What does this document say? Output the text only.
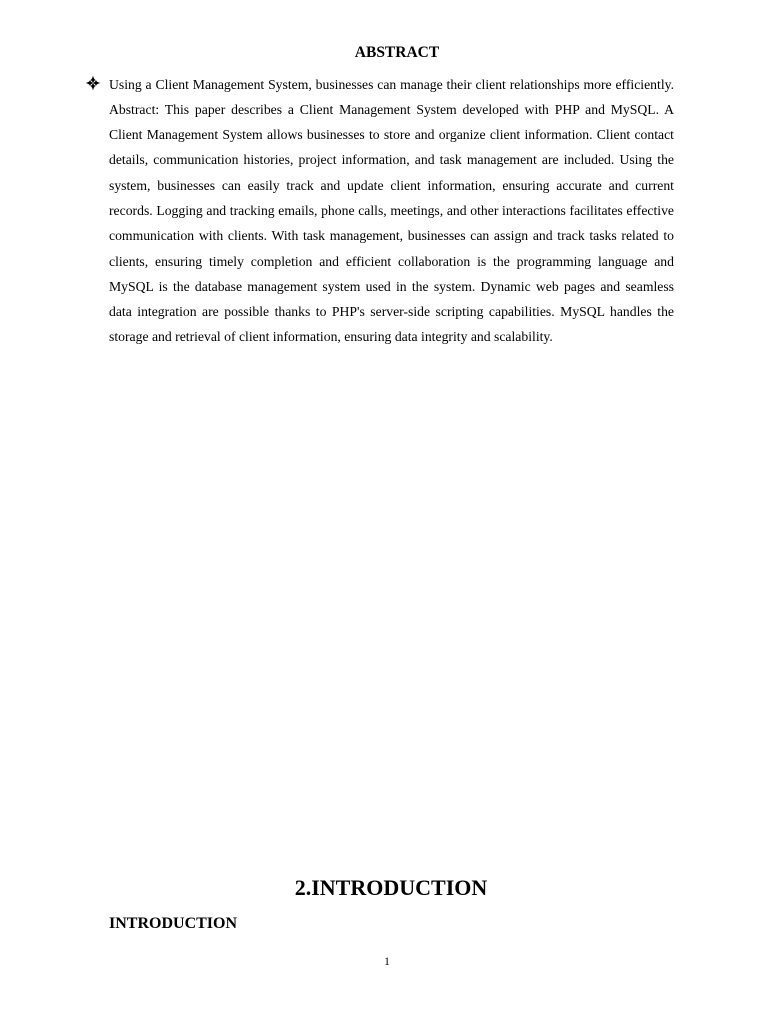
ABSTRACT

Using a Client Management System, businesses can manage their client relationships more efficiently. Abstract: This paper describes a Client Management System developed with PHP and MySQL. A Client Management System allows businesses to store and organize client information. Client contact details, communication histories, project information, and task management are included. Using the system, businesses can easily track and update client information, ensuring accurate and current records. Logging and tracking emails, phone calls, meetings, and other interactions facilitates effective communication with clients. With task management, businesses can assign and track tasks related to clients, ensuring timely completion and efficient collaboration is the programming language and MySQL is the database management system used in the system. Dynamic web pages and seamless data integration are possible thanks to PHP's server-side scripting capabilities. MySQL handles the storage and retrieval of client information, ensuring data integrity and scalability.

2.INTRODUCTION
INTRODUCTION
1
